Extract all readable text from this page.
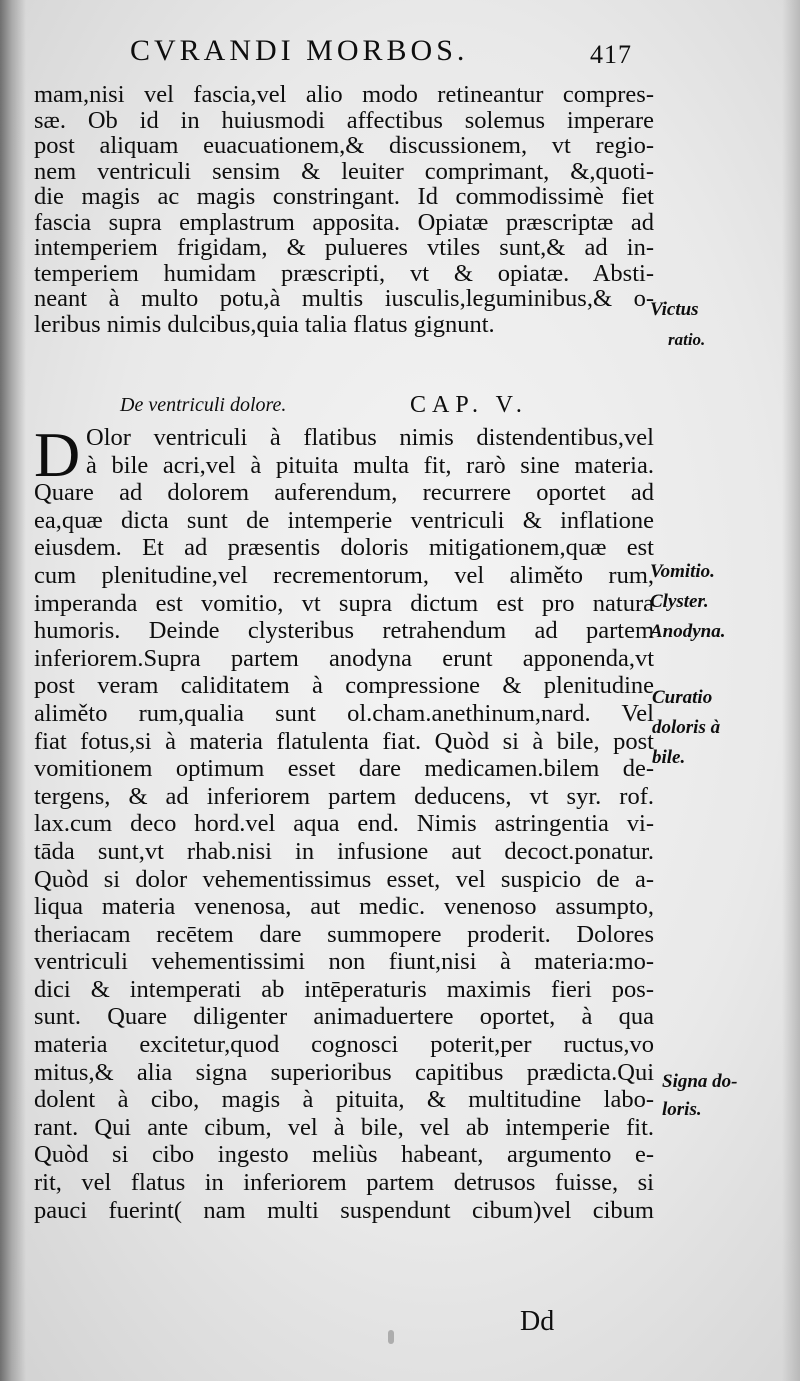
CVRANDI MORBOS.	417
mam,nisi vel fascia,vel alio modo retineantur compres-
sæ. Ob id in huiusmodi affectibus solemus imperare
post aliquam euacuationem,& discussionem, vt regio-
nem ventriculi sensim & leuiter comprimant, &,quoti-
die magis ac magis constringant. Id commodissimè fiet
fascia supra emplastrum apposita. Opiatæ præscriptæ ad
intemperiem frigidam, & pulueres vtiles sunt,& ad in-
temperiem humidam præscripti, vt & opiatæ. Absti-
neant à multo potu,à multis iusculis,leguminibus,& o-
leribus nimis dulcibus,quia talia flatus gignunt.
De ventriculi dolore.	CAP. V.
D Olor ventriculi à flatibus nimis distendentibus,vel
à bile acri,vel à pituita multa fit, rarò sine materia.
Quare ad dolorem auferendum, recurrere oportet ad
ea,quæ dicta sunt de intemperie ventriculi & inflatione
eiusdem. Et ad præsentis doloris mitigationem,quæ est
cum plenitudine,vel recrementorum, vel aliměto rum,
imperanda est vomitio, vt supra dictum est pro natura
humoris. Deinde clysteribus retrahendum ad partem
inferiorem.Supra partem anodyna erunt apponenda,vt
post veram caliditatem à compressione & plenitudine
aliměto rum,qualia sunt ol.cham.anethinum,nard. Vel
fiat fotus,si à materia flatulenta fiat. Quòd si à bile, post
vomitionem optimum esset dare medicamen.bilem de-
tergens, & ad inferiorem partem deducens, vt syr. rof.
lax.cum deco hord.vel aqua end. Nimis astringentia vi-
tāda sunt,vt rhab.nisi in infusione aut decoct.ponatur.
Quòd si dolor vehementissimus esset, vel suspicio de a-
liqua materia venenosa, aut medic. venenoso assumpto,
theriacam recētem dare summopere proderit. Dolores
ventriculi vehementissimi non fiunt,nisi à materia:mo-
dici & intemperati ab intēperaturis maximis fieri pos-
sunt. Quare diligenter animaduertere oportet, à qua
materia excitetur,quod cognosci poterit,per ructus,vo
mitus,& alia signa superioribus capitibus prædicta.Qui
dolent à cibo, magis à pituita, & multitudine labo-
rant. Qui ante cibum, vel à bile, vel ab intemperie fit.
Quòd si cibo ingesto meliùs habeant, argumento e-
rit, vel flatus in inferiorem partem detrusos fuisse, si
pauci fuerint( nam multi suspendunt cibum)vel cibum
Victus
ratio.
Vomitio.
Clyster.
Anodyna.
Curatio
doloris à
bile.
Signa do-
loris.
Dd
